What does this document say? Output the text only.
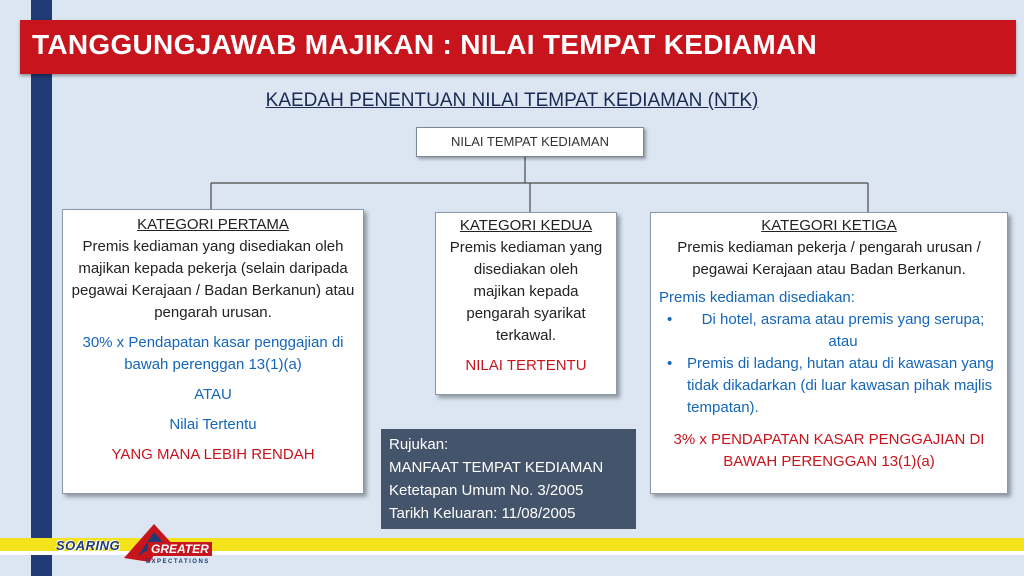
TANGGUNGJAWAB MAJIKAN : NILAI TEMPAT KEDIAMAN
KAEDAH PENENTUAN NILAI TEMPAT KEDIAMAN (NTK)
NILAI TEMPAT KEDIAMAN
KATEGORI PERTAMA
Premis kediaman yang disediakan oleh majikan kepada pekerja (selain daripada pegawai Kerajaan / Badan Berkanun) atau pengarah urusan.
30% x Pendapatan kasar penggajian di bawah perenggan 13(1)(a)
ATAU
Nilai Tertentu
YANG MANA LEBIH RENDAH
KATEGORI KEDUA
Premis kediaman yang disediakan oleh majikan kepada pengarah syarikat terkawal.
NILAI TERTENTU
KATEGORI KETIGA
Premis kediaman pekerja / pengarah urusan / pegawai Kerajaan atau Badan Berkanun.
Premis kediaman disediakan:
• Di hotel, asrama atau premis yang serupa; atau
• Premis di ladang, hutan atau di kawasan yang tidak dikadarkan (di luar kawasan pihak majlis tempatan).
3% x PENDAPATAN KASAR PENGGAJIAN DI BAWAH PERENGGAN 13(1)(a)
Rujukan:
MANFAAT TEMPAT KEDIAMAN
Ketetapan Umum No. 3/2005
Tarikh Keluaran: 11/08/2005
SOARING	GREATER
EXPECTATIONS
